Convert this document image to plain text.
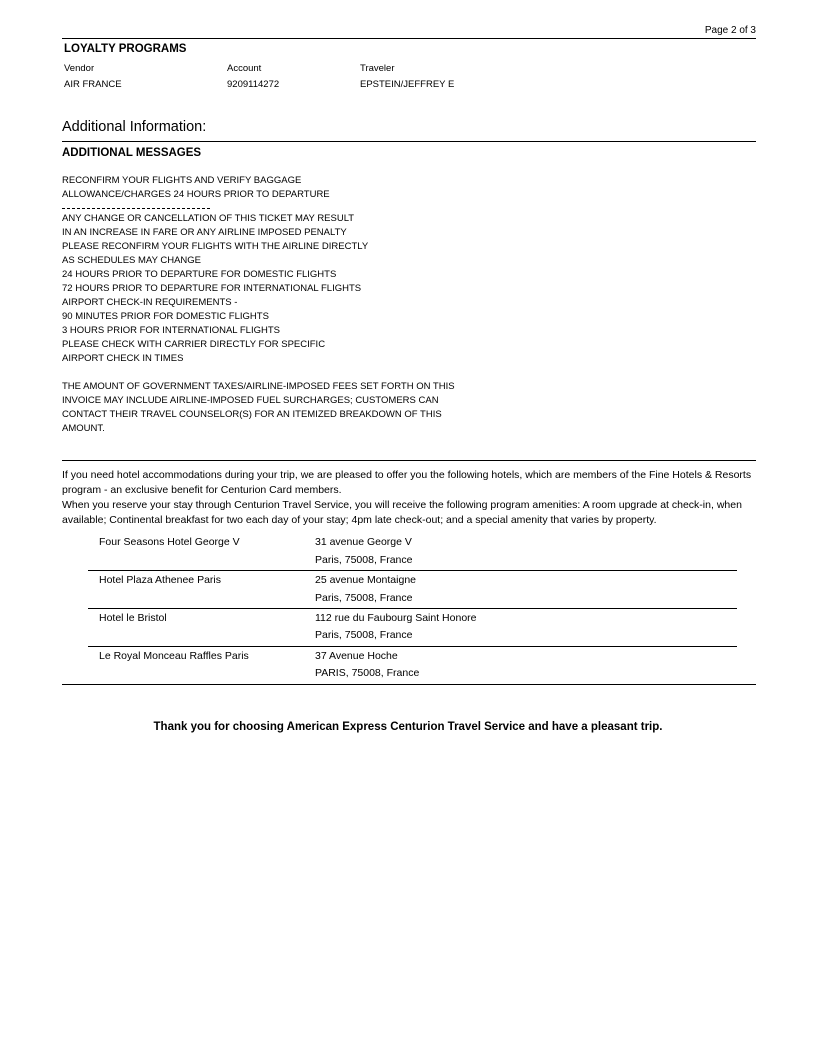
Page 2 of 3
LOYALTY PROGRAMS
Vendor	Account	Traveler
AIR FRANCE	9209114272	EPSTEIN/JEFFREY E
Additional Information:
ADDITIONAL MESSAGES
RECONFIRM YOUR FLIGHTS AND VERIFY BAGGAGE
ALLOWANCE/CHARGES 24 HOURS PRIOR TO DEPARTURE
ANY CHANGE OR CANCELLATION OF THIS TICKET MAY RESULT
IN AN INCREASE IN FARE OR ANY AIRLINE IMPOSED PENALTY
PLEASE RECONFIRM YOUR FLIGHTS WITH THE AIRLINE DIRECTLY
AS SCHEDULES MAY CHANGE
24 HOURS PRIOR TO DEPARTURE FOR DOMESTIC FLIGHTS
72 HOURS PRIOR TO DEPARTURE FOR INTERNATIONAL FLIGHTS
AIRPORT CHECK-IN REQUIREMENTS -
90 MINUTES PRIOR FOR DOMESTIC FLIGHTS
3 HOURS PRIOR FOR INTERNATIONAL FLIGHTS
PLEASE CHECK WITH CARRIER DIRECTLY FOR SPECIFIC
AIRPORT CHECK IN TIMES
THE AMOUNT OF GOVERNMENT TAXES/AIRLINE-IMPOSED FEES SET FORTH ON THIS
INVOICE MAY INCLUDE AIRLINE-IMPOSED FUEL SURCHARGES; CUSTOMERS CAN
CONTACT THEIR TRAVEL COUNSELOR(S) FOR AN ITEMIZED BREAKDOWN OF THIS
AMOUNT.
If you need hotel accommodations during your trip, we are pleased to offer you the following hotels, which are members of the Fine Hotels & Resorts program - an exclusive benefit for Centurion Card members.
When you reserve your stay through Centurion Travel Service, you will receive the following program amenities: A room upgrade at check-in, when available; Continental breakfast for two each day of your stay; 4pm late check-out; and a special amenity that varies by property.
Four Seasons Hotel George V	31 avenue George V
Paris, 75008, France
Hotel Plaza Athenee Paris	25 avenue Montaigne
Paris, 75008, France
Hotel le Bristol	112 rue du Faubourg Saint Honore
Paris, 75008, France
Le Royal Monceau Raffles Paris	37 Avenue Hoche
PARIS, 75008, France
Thank you for choosing American Express Centurion Travel Service and have a pleasant trip.
